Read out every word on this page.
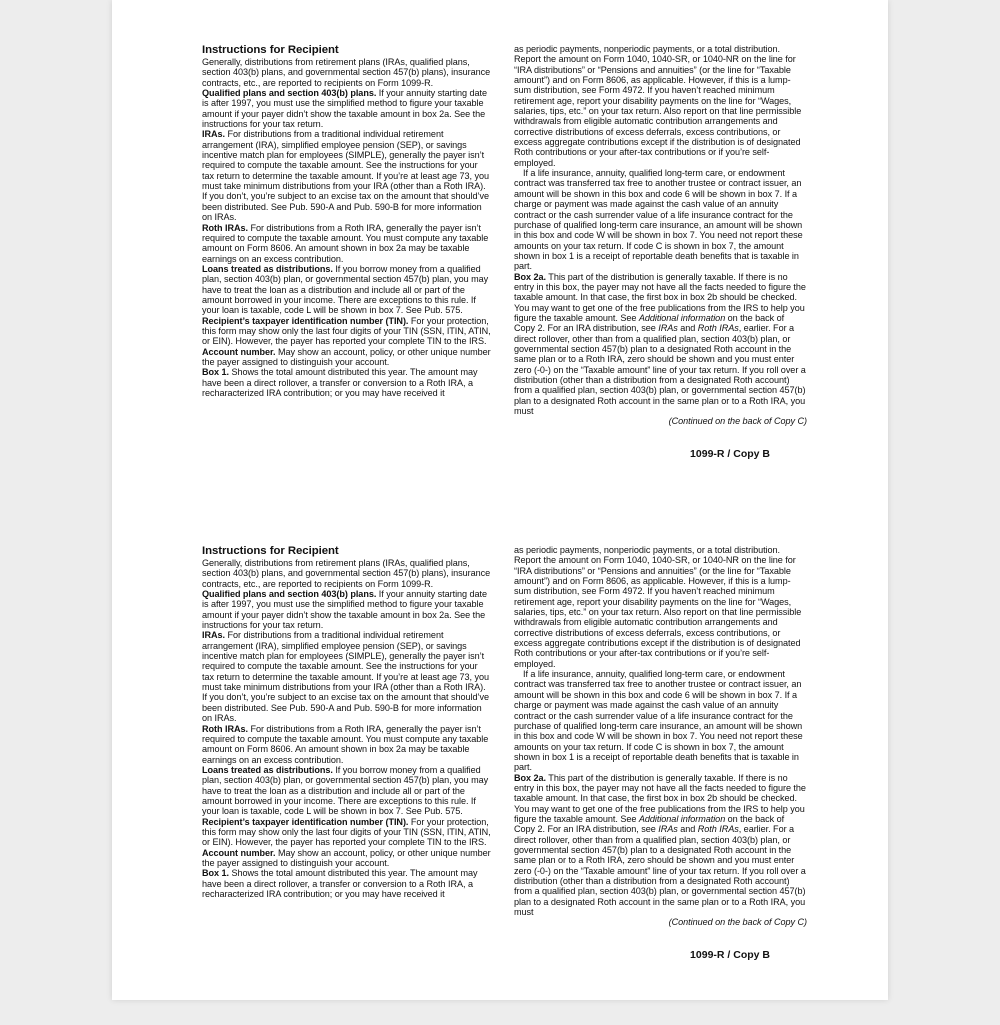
Instructions for Recipient

Generally, distributions from retirement plans (IRAs, qualified plans, section 403(b) plans, and governmental section 457(b) plans), insurance contracts, etc., are reported to recipients on Form 1099-R.

Qualified plans and section 403(b) plans. If your annuity starting date is after 1997, you must use the simplified method to figure your taxable amount if your payer didn’t show the taxable amount in box 2a. See the instructions for your tax return.

IRAs. For distributions from a traditional individual retirement arrangement (IRA), simplified employee pension (SEP), or savings incentive match plan for employees (SIMPLE), generally the payer isn’t required to compute the taxable amount. See the instructions for your tax return to determine the taxable amount. If you’re at least age 73, you must take minimum distributions from your IRA (other than a Roth IRA). If you don’t, you’re subject to an excise tax on the amount that should’ve been distributed. See Pub. 590-A and Pub. 590-B for more information on IRAs.

Roth IRAs. For distributions from a Roth IRA, generally the payer isn’t required to compute the taxable amount. You must compute any taxable amount on Form 8606. An amount shown in box 2a may be taxable earnings on an excess contribution.

Loans treated as distributions. If you borrow money from a qualified plan, section 403(b) plan, or governmental section 457(b) plan, you may have to treat the loan as a distribution and include all or part of the amount borrowed in your income. There are exceptions to this rule. If your loan is taxable, code L will be shown in box 7. See Pub. 575.

Recipient’s taxpayer identification number (TIN). For your protection, this form may show only the last four digits of your TIN (SSN, ITIN, ATIN, or EIN). However, the payer has reported your complete TIN to the IRS.

Account number. May show an account, policy, or other unique number the payer assigned to distinguish your account.

Box 1. Shows the total amount distributed this year. The amount may have been a direct rollover, a transfer or conversion to a Roth IRA, a recharacterized IRA contribution; or you may have received it

as periodic payments, nonperiodic payments, or a total distribution. Report the amount on Form 1040, 1040-SR, or 1040-NR on the line for “IRA distributions” or “Pensions and annuities” (or the line for “Taxable amount”) and on Form 8606, as applicable. However, if this is a lump-sum distribution, see Form 4972. If you haven’t reached minimum retirement age, report your disability payments on the line for “Wages, salaries, tips, etc.” on your tax return. Also report on that line permissible withdrawals from eligible automatic contribution arrangements and corrective distributions of excess deferrals, excess contributions, or excess aggregate contributions except if the distribution is of designated Roth contributions or your after-tax contributions or if you’re self-employed.

If a life insurance, annuity, qualified long-term care, or endowment contract was transferred tax free to another trustee or contract issuer, an amount will be shown in this box and code 6 will be shown in box 7. If a charge or payment was made against the cash value of an annuity contract or the cash surrender value of a life insurance contract for the purchase of qualified long-term care insurance, an amount will be shown in this box and code W will be shown in box 7. You need not report these amounts on your tax return. If code C is shown in box 7, the amount shown in box 1 is a receipt of reportable death benefits that is taxable in part.

Box 2a. This part of the distribution is generally taxable. If there is no entry in this box, the payer may not have all the facts needed to figure the taxable amount. In that case, the first box in box 2b should be checked. You may want to get one of the free publications from the IRS to help you figure the taxable amount. See Additional information on the back of Copy 2. For an IRA distribution, see IRAs and Roth IRAs, earlier. For a direct rollover, other than from a qualified plan, section 403(b) plan, or governmental section 457(b) plan to a designated Roth account in the same plan or to a Roth IRA, zero should be shown and you must enter zero (-0-) on the “Taxable amount” line of your tax return. If you roll over a distribution (other than a distribution from a designated Roth account) from a qualified plan, section 403(b) plan, or governmental section 457(b) plan to a designated Roth account in the same plan or to a Roth IRA, you must

(Continued on the back of Copy C)

1099-R / Copy B

Instructions for Recipient

Generally, distributions from retirement plans (IRAs, qualified plans, section 403(b) plans, and governmental section 457(b) plans), insurance contracts, etc., are reported to recipients on Form 1099-R.

Qualified plans and section 403(b) plans. If your annuity starting date is after 1997, you must use the simplified method to figure your taxable amount if your payer didn’t show the taxable amount in box 2a. See the instructions for your tax return.

IRAs. For distributions from a traditional individual retirement arrangement (IRA), simplified employee pension (SEP), or savings incentive match plan for employees (SIMPLE), generally the payer isn’t required to compute the taxable amount. See the instructions for your tax return to determine the taxable amount. If you’re at least age 73, you must take minimum distributions from your IRA (other than a Roth IRA). If you don’t, you’re subject to an excise tax on the amount that should’ve been distributed. See Pub. 590-A and Pub. 590-B for more information on IRAs.

Roth IRAs. For distributions from a Roth IRA, generally the payer isn’t required to compute the taxable amount. You must compute any taxable amount on Form 8606. An amount shown in box 2a may be taxable earnings on an excess contribution.

Loans treated as distributions. If you borrow money from a qualified plan, section 403(b) plan, or governmental section 457(b) plan, you may have to treat the loan as a distribution and include all or part of the amount borrowed in your income. There are exceptions to this rule. If your loan is taxable, code L will be shown in box 7. See Pub. 575.

Recipient’s taxpayer identification number (TIN). For your protection, this form may show only the last four digits of your TIN (SSN, ITIN, ATIN, or EIN). However, the payer has reported your complete TIN to the IRS.

Account number. May show an account, policy, or other unique number the payer assigned to distinguish your account.

Box 1. Shows the total amount distributed this year. The amount may have been a direct rollover, a transfer or conversion to a Roth IRA, a recharacterized IRA contribution; or you may have received it

as periodic payments, nonperiodic payments, or a total distribution. Report the amount on Form 1040, 1040-SR, or 1040-NR on the line for “IRA distributions” or “Pensions and annuities” (or the line for “Taxable amount”) and on Form 8606, as applicable. However, if this is a lump-sum distribution, see Form 4972. If you haven’t reached minimum retirement age, report your disability payments on the line for “Wages, salaries, tips, etc.” on your tax return. Also report on that line permissible withdrawals from eligible automatic contribution arrangements and corrective distributions of excess deferrals, excess contributions, or excess aggregate contributions except if the distribution is of designated Roth contributions or your after-tax contributions or if you’re self-employed.

If a life insurance, annuity, qualified long-term care, or endowment contract was transferred tax free to another trustee or contract issuer, an amount will be shown in this box and code 6 will be shown in box 7. If a charge or payment was made against the cash value of an annuity contract or the cash surrender value of a life insurance contract for the purchase of qualified long-term care insurance, an amount will be shown in this box and code W will be shown in box 7. You need not report these amounts on your tax return. If code C is shown in box 7, the amount shown in box 1 is a receipt of reportable death benefits that is taxable in part.

Box 2a. This part of the distribution is generally taxable. If there is no entry in this box, the payer may not have all the facts needed to figure the taxable amount. In that case, the first box in box 2b should be checked. You may want to get one of the free publications from the IRS to help you figure the taxable amount. See Additional information on the back of Copy 2. For an IRA distribution, see IRAs and Roth IRAs, earlier. For a direct rollover, other than from a qualified plan, section 403(b) plan, or governmental section 457(b) plan to a designated Roth account in the same plan or to a Roth IRA, zero should be shown and you must enter zero (-0-) on the “Taxable amount” line of your tax return. If you roll over a distribution (other than a distribution from a designated Roth account) from a qualified plan, section 403(b) plan, or governmental section 457(b) plan to a designated Roth account in the same plan or to a Roth IRA, you must

(Continued on the back of Copy C)

1099-R / Copy B
